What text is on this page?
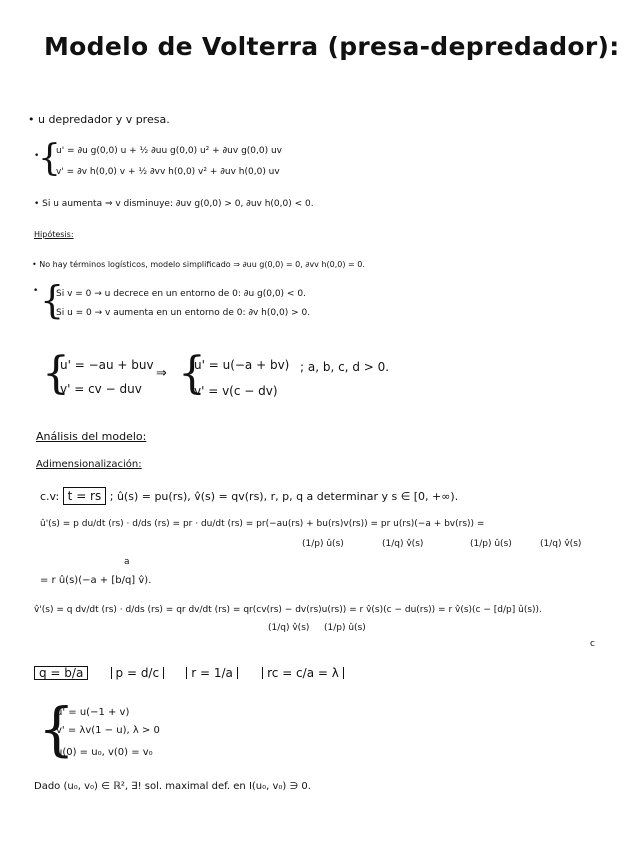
Modelo de Volterra (presa-depredador):
• u depredador y v presa.
{
• u' = ∂u g(0,0) u + ½ ∂uu g(0,0) u² + ∂uv g(0,0) uv
v' = ∂v h(0,0) v + ½ ∂vv h(0,0) v² + ∂uv h(0,0) uv
• Si u aumenta ⇒ v disminuye: ∂uv g(0,0) > 0, ∂uv h(0,0) < 0.
Hipótesis:
• No hay términos logísticos, modelo simplificado ⇒ ∂uu g(0,0) = 0, ∂vv h(0,0) = 0.
{
• Si v = 0 → u decrece en un entorno de 0: ∂u g(0,0) < 0.
Si u = 0 → v aumenta en un entorno de 0: ∂v h(0,0) > 0.
{
u' = −au + buv
v' = cv − duv
⇒ {
u' = u(−a + bv)
v' = v(c − dv)
; a, b, c, d > 0.
Análisis del modelo:
Adimensionalización:
c.v: t = rs ; û(s) = pu(rs), v̂(s) = qv(rs), r, p, q a determinar y s ∈ [0, +∞).
û'(s) = p du/dt (rs) · d/ds (rs) = pr · du/dt (rs) = pr(−au(rs) + bu(rs)v(rs)) = pr u(rs)(−a + bv(rs)) =
(1/p) û(s)	(1/q) v̂(s)	(1/p) û(s)	(1/q) v̂(s)
a
= r û(s)(−a + [b/q] v̂).
v̂'(s) = q dv/dt (rs) · d/ds (rs) = qr dv/dt (rs) = qr(cv(rs) − dv(rs)u(rs)) = r v̂(s)(c − du(rs)) = r v̂(s)(c − [d/p] û(s)).
(1/q) v̂(s) (1/p) û(s)
c
q = b/a	p = d/c	r = 1/a	rc = c/a = λ
{
u' = u(−1 + v)
v' = λv(1 − u), λ > 0
u(0) = u₀, v(0) = v₀
Dado (u₀, v₀) ∈ ℝ², ∃! sol. maximal def. en I(u₀, v₀) ∋ 0.
